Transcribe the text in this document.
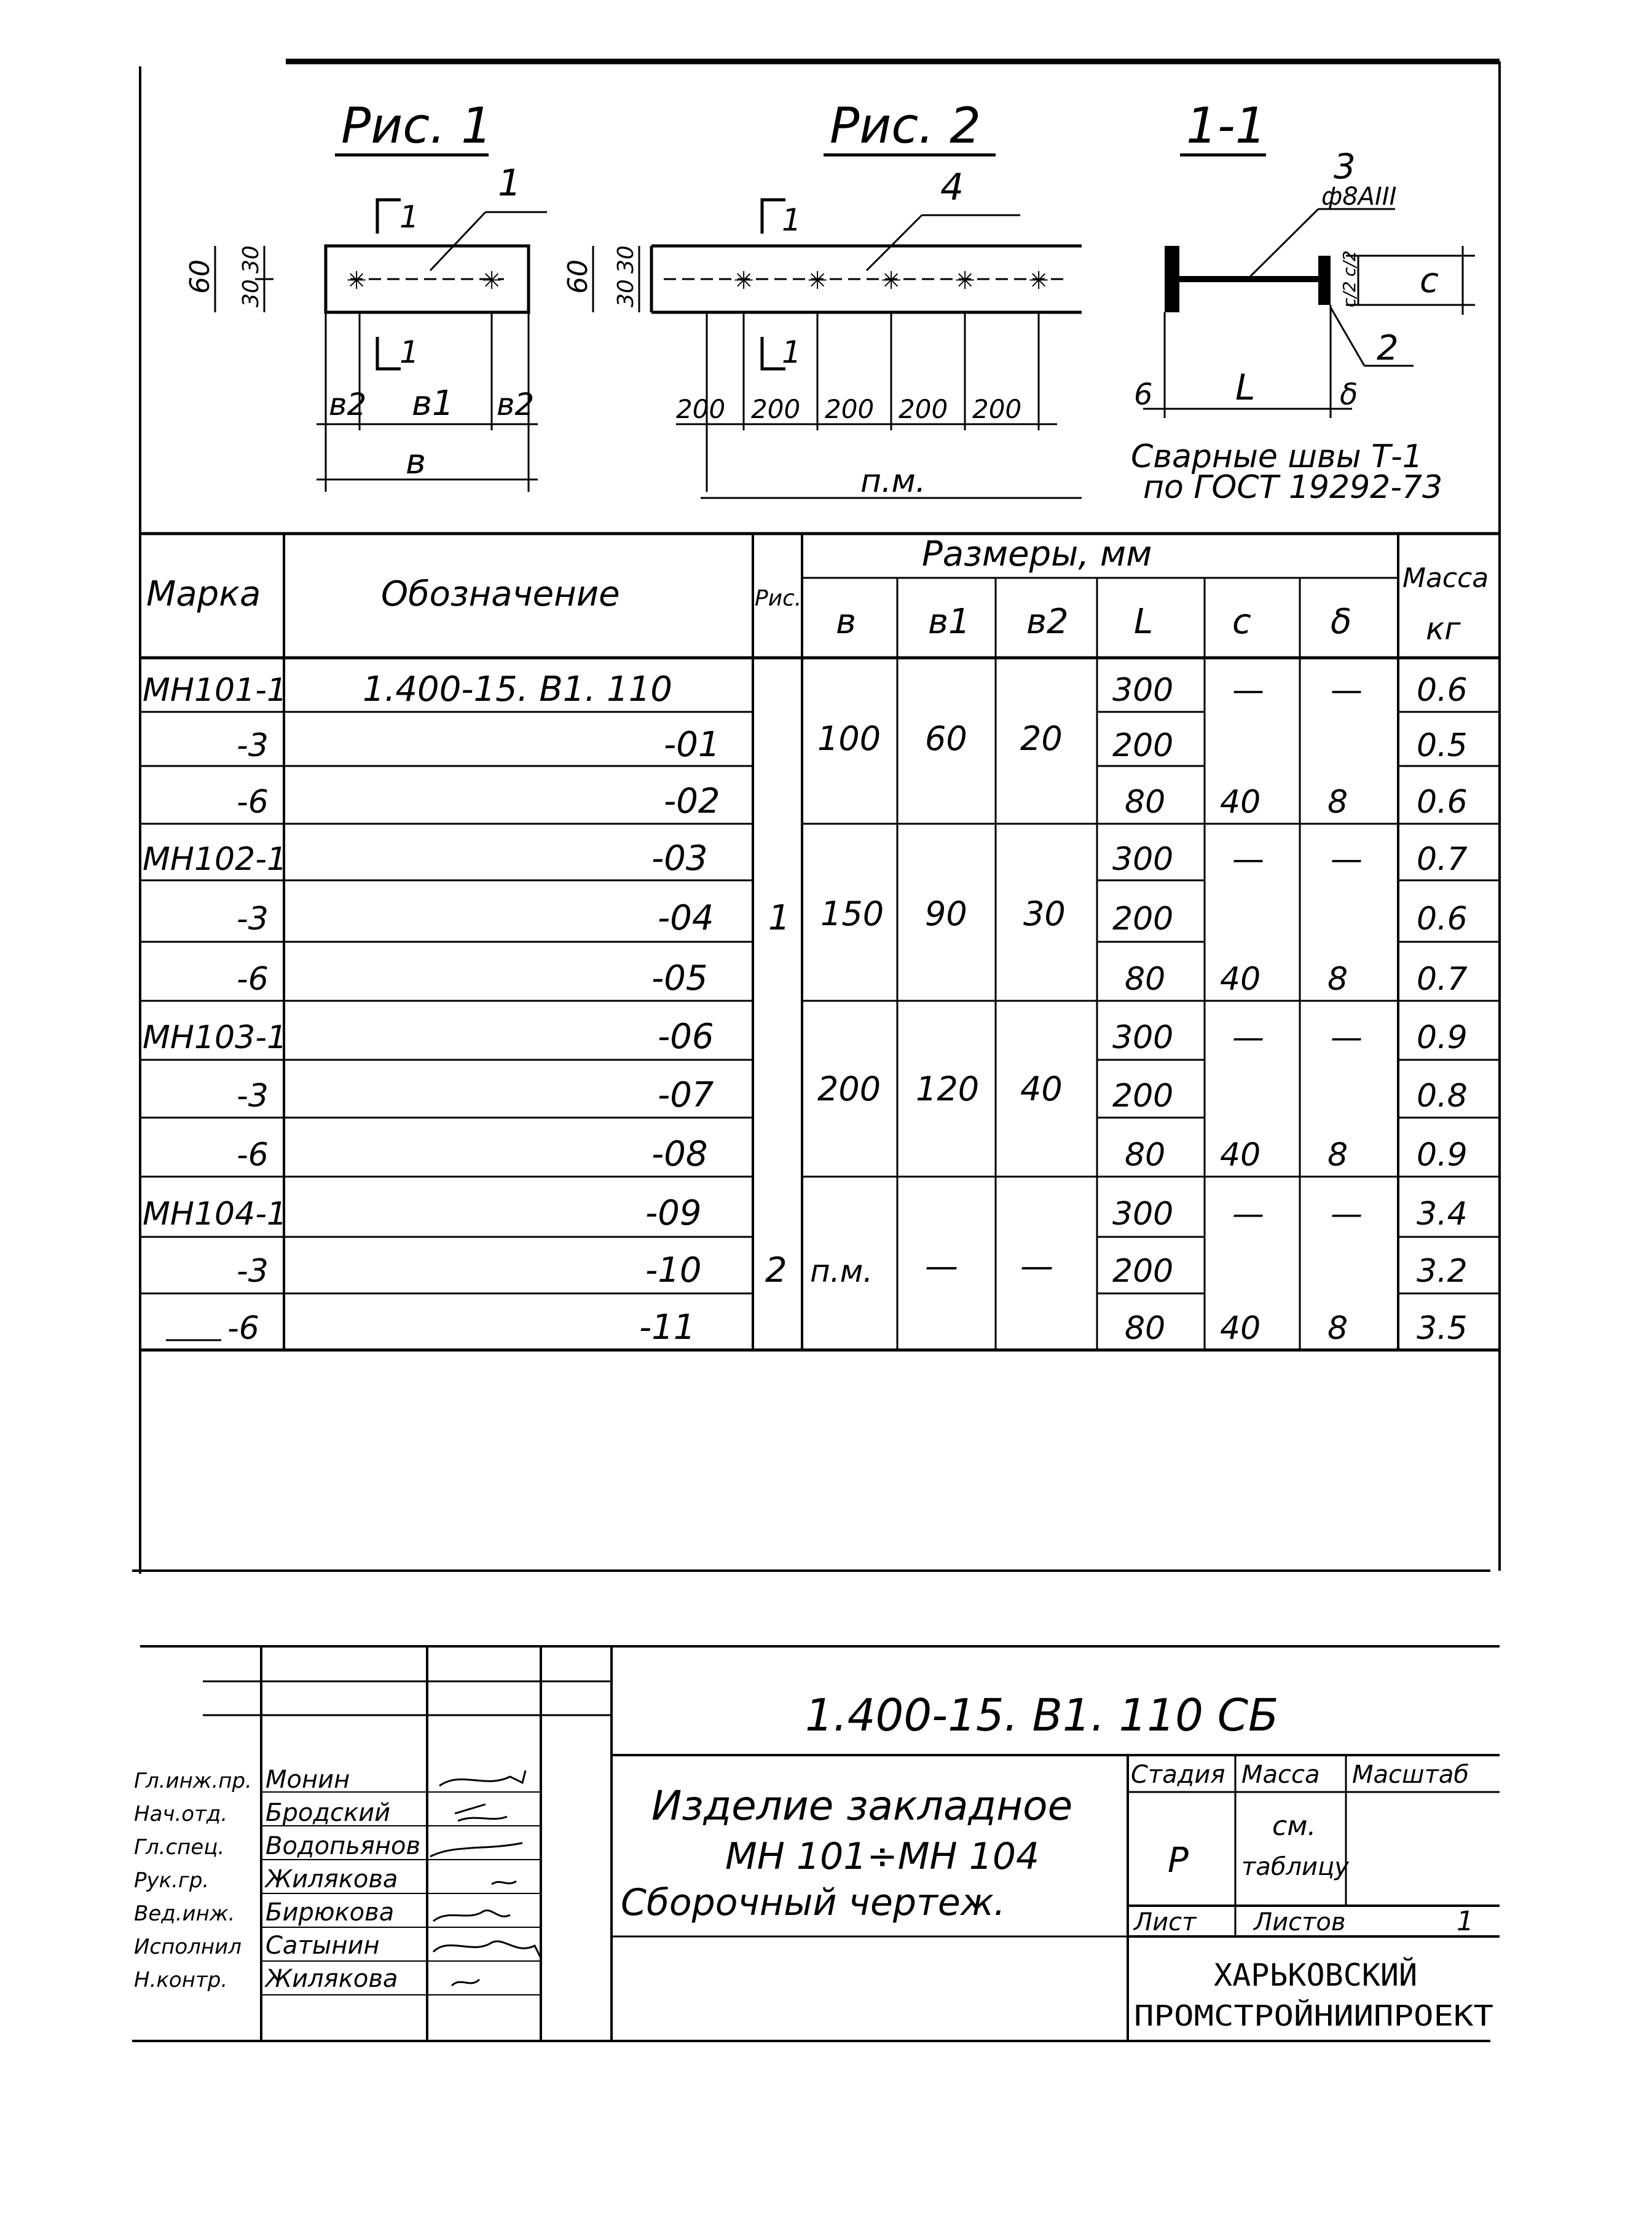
Рис. 1
✳	✳
1
1
1
60 30
30
в2 в1 в2
в
Рис. 2
✳ ✳ ✳ ✳ ✳
1
1
4
60 30
30
200 200 200 200 200
п.м.
1-1
3
ф8АIII
2
c
c/2
c/2
6 L	δ
Сварные швы Т-1
по ГОСТ 19292-73
Марка	Обозначение	Рис.
Размеры, мм
Масса
кг
в в1 в2 L c δ
МН101-1 1.400-15. В1. 110	300 — — 0.6
-3	-01	200	0.5
-6	-02	80 40 8 0.6
МН102-1	-03	300 — — 0.7
-3	-04	200	0.6
-6	-05	80 40 8 0.7
МН103-1	-06	300 — — 0.9
-3	-07	200	0.8
-6	-08	80 40 8 0.9
МН104-1	-09	300 — — 3.4
-3	-10	200	3.2
-6	-11	80 40 8 3.5
100 60 20
1 150 90 30
200 120 40
2 п.м. — —
1.400-15. В1. 110 СБ
Изделие закладное
МН 101÷МН 104
Сборочный чертеж.
Стадия Масса Масштаб
Р
см.
таблицу
Лист Листов	1
ХАРЬКОВСКИЙ
ПРОМСТРОЙНИИПРОЕКТ
Гл.инж.пр. Монин
Нач.отд. Бродский
Гл.спец. Водопьянов
Рук.гр. Жилякова
Вед.инж. Бирюкова
Исполнил Сатынин
Н.контр. Жилякова
